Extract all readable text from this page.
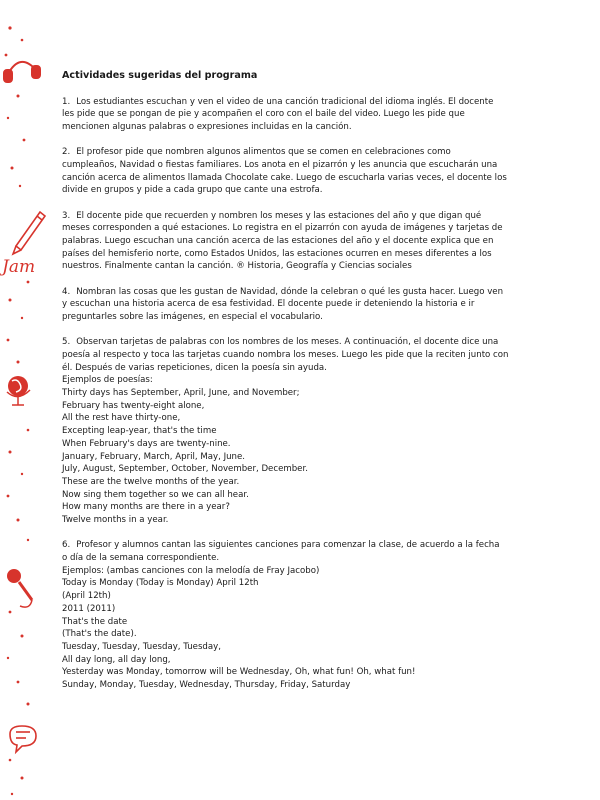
Jam
Actividades sugeridas del programa
1. Los estudiantes escuchan y ven el video de una canción tradicional del idioma inglés. El docente
les pide que se pongan de pie y acompañen el coro con el baile del video. Luego les pide que
mencionen algunas palabras o expresiones incluidas en la canción.
2. El profesor pide que nombren algunos alimentos que se comen en celebraciones como
cumpleaños, Navidad o fiestas familiares. Los anota en el pizarrón y les anuncia que escucharán una
canción acerca de alimentos llamada Chocolate cake. Luego de escucharla varias veces, el docente los
divide en grupos y pide a cada grupo que cante una estrofa.
3. El docente pide que recuerden y nombren los meses y las estaciones del año y que digan qué
meses corresponden a qué estaciones. Lo registra en el pizarrón con ayuda de imágenes y tarjetas de
palabras. Luego escuchan una canción acerca de las estaciones del año y el docente explica que en
países del hemisferio norte, como Estados Unidos, las estaciones ocurren en meses diferentes a los
nuestros. Finalmente cantan la canción. ® Historia, Geografía y Ciencias sociales
4. Nombran las cosas que les gustan de Navidad, dónde la celebran o qué les gusta hacer. Luego ven
y escuchan una historia acerca de esa festividad. El docente puede ir deteniendo la historia e ir
preguntarles sobre las imágenes, en especial el vocabulario.
5. Observan tarjetas de palabras con los nombres de los meses. A continuación, el docente dice una
poesía al respecto y toca las tarjetas cuando nombra los meses. Luego les pide que la reciten junto con
él. Después de varias repeticiones, dicen la poesía sin ayuda.
Ejemplos de poesías:
Thirty days has September, April, June, and November;
February has twenty-eight alone,
All the rest have thirty-one,
Excepting leap-year, that's the time
When February's days are twenty-nine.
January, February, March, April, May, June.
July, August, September, October, November, December.
These are the twelve months of the year.
Now sing them together so we can all hear.
How many months are there in a year?
Twelve months in a year.
6. Profesor y alumnos cantan las siguientes canciones para comenzar la clase, de acuerdo a la fecha
o día de la semana correspondiente.
Ejemplos: (ambas canciones con la melodía de Fray Jacobo)
Today is Monday (Today is Monday) April 12th
(April 12th)
2011 (2011)
That's the date
(That's the date).
Tuesday, Tuesday, Tuesday, Tuesday,
All day long, all day long,
Yesterday was Monday, tomorrow will be Wednesday, Oh, what fun! Oh, what fun!
Sunday, Monday, Tuesday, Wednesday, Thursday, Friday, Saturday
